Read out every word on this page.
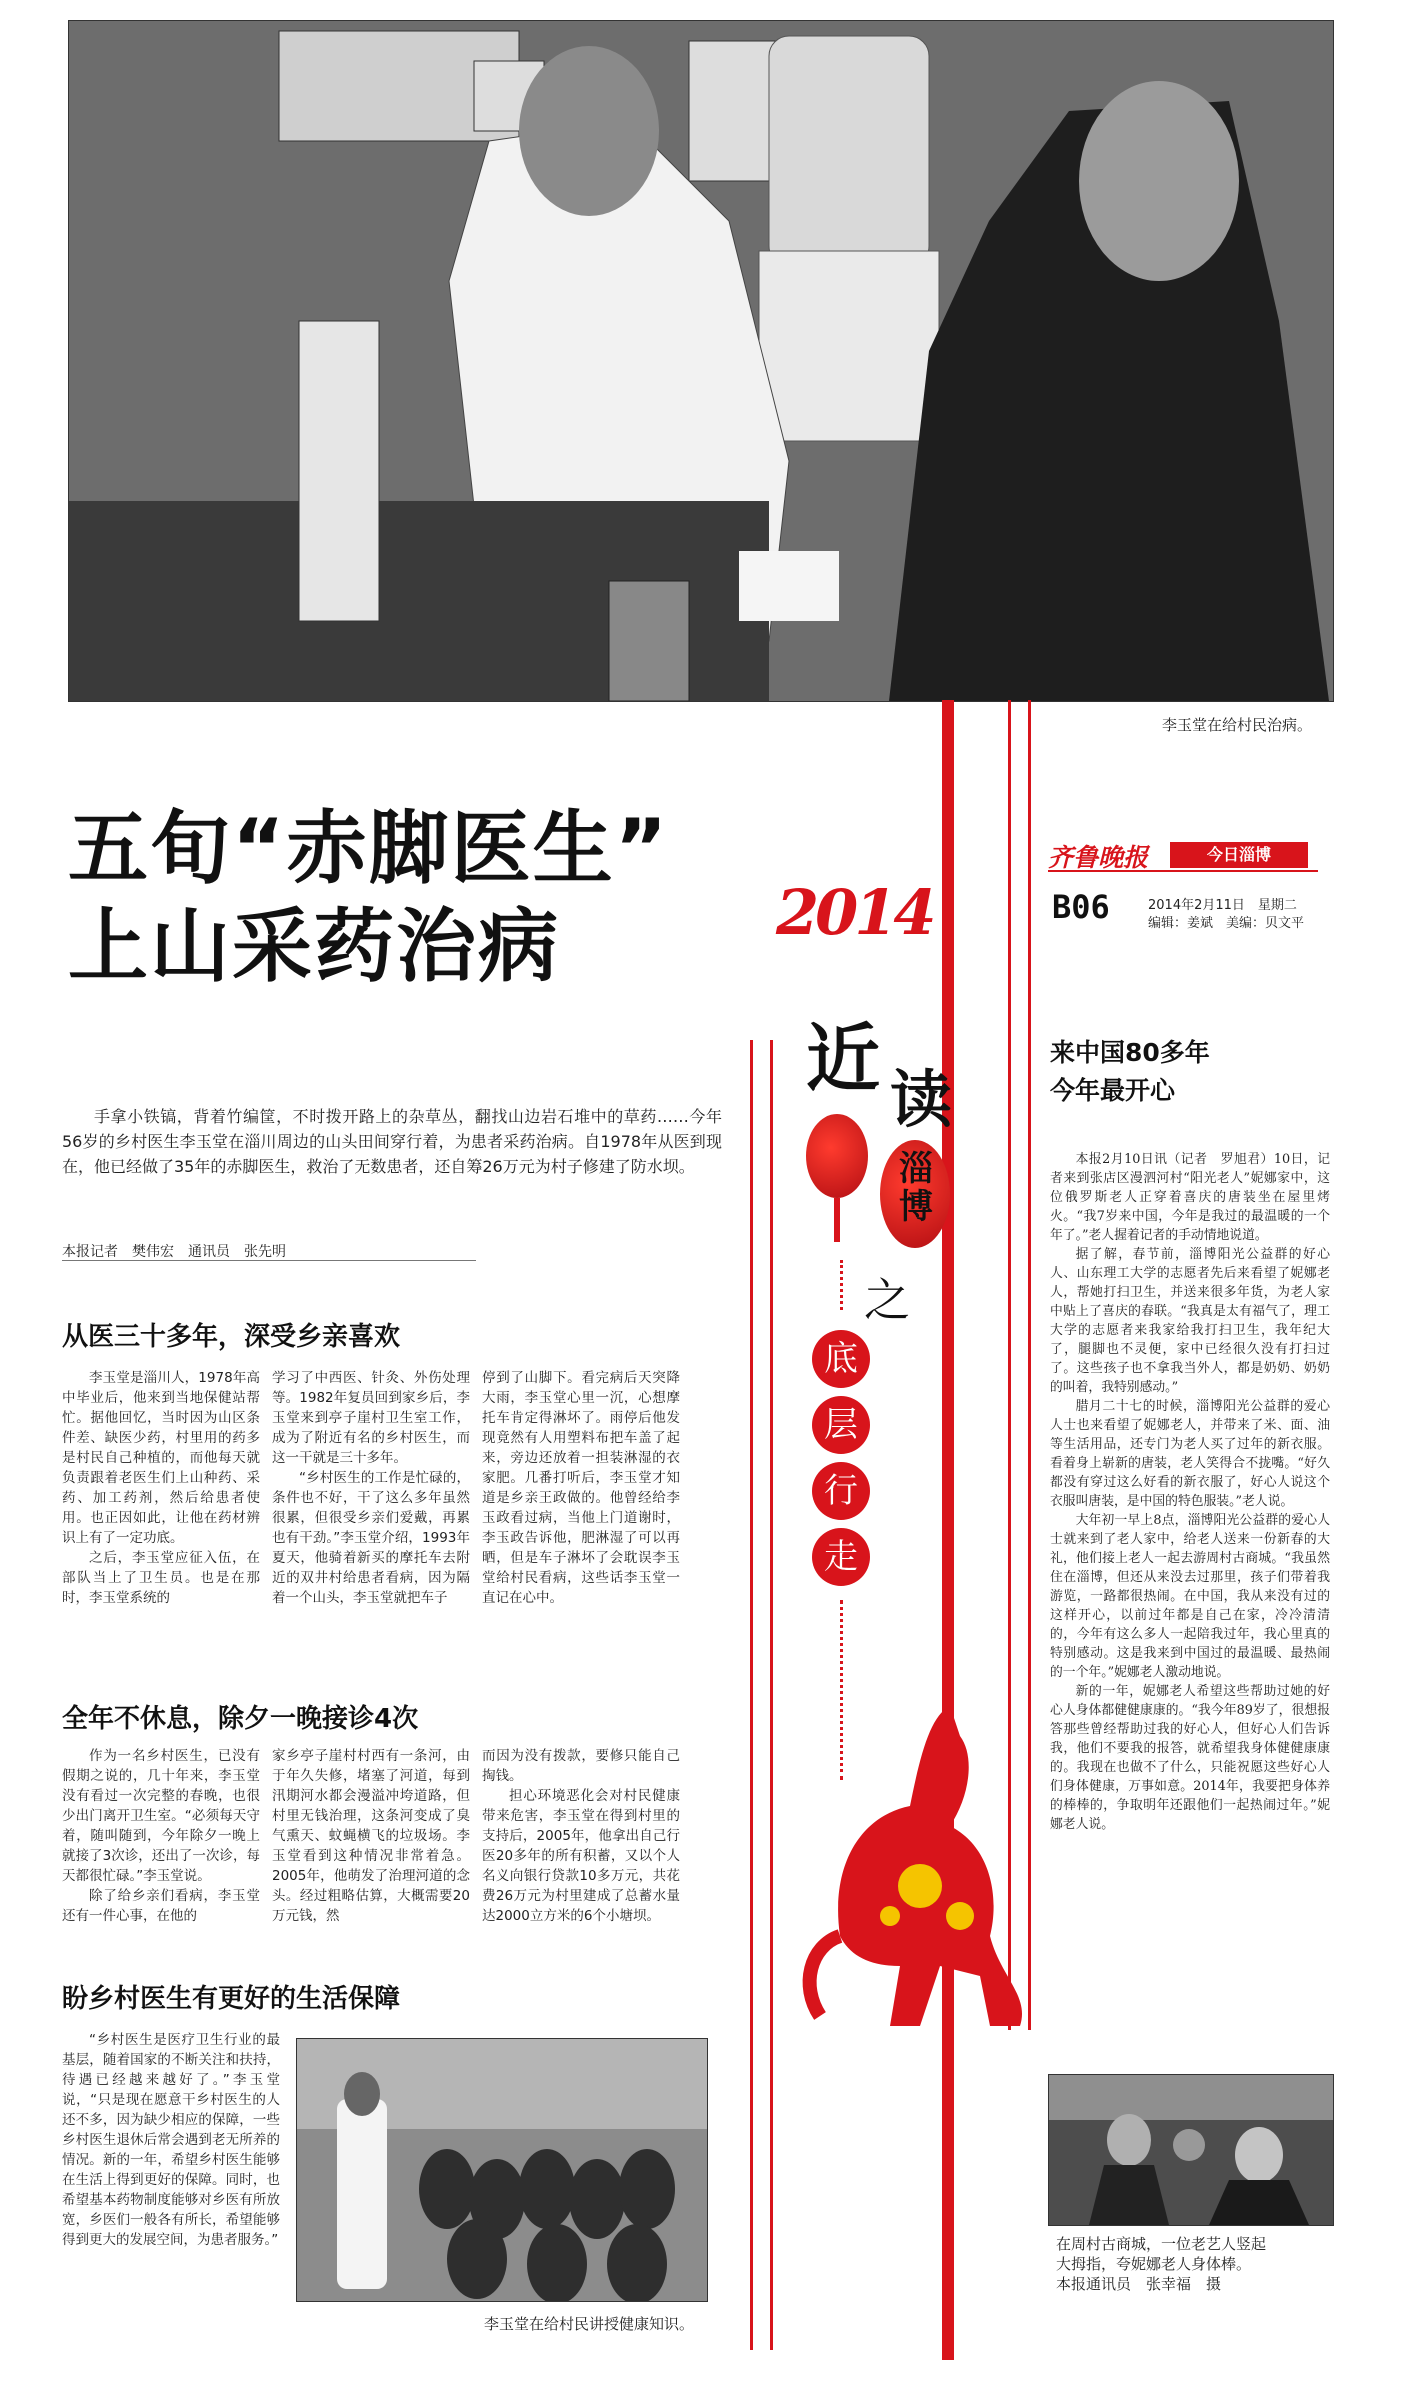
李玉堂在给村民治病。
五旬“赤脚医生”
上山采药治病

手拿小铁镐，背着竹编筐，不时拨开路上的杂草丛，翻找山边岩石堆中的草药……今年56岁的乡村医生李玉堂在淄川周边的山头田间穿行着，为患者采药治病。自1978年从医到现在，他已经做了35年的赤脚医生，救治了无数患者，还自筹26万元为村子修建了防水坝。

本报记者　樊伟宏　通讯员　张先明
从医三十多年，深受乡亲喜欢

李玉堂是淄川人，1978年高中毕业后，他来到当地保健站帮忙。据他回忆，当时因为山区条件差、缺医少药，村里用的药多是村民自己种植的，而他每天就负责跟着老医生们上山种药、采药、加工药剂，然后给患者使用。也正因如此，让他在药材辨识上有了一定功底。

之后，李玉堂应征入伍，在部队当上了卫生员。也是在那时，李玉堂系统的

学习了中西医、针灸、外伤处理等。1982年复员回到家乡后，李玉堂来到亭子崖村卫生室工作，成为了附近有名的乡村医生，而这一干就是三十多年。

“乡村医生的工作是忙碌的，条件也不好，干了这么多年虽然很累，但很受乡亲们爱戴，再累也有干劲。”李玉堂介绍，1993年夏天，他骑着新买的摩托车去附近的双井村给患者看病，因为隔着一个山头，李玉堂就把车子

停到了山脚下。看完病后天突降大雨，李玉堂心里一沉，心想摩托车肯定得淋坏了。雨停后他发现竟然有人用塑料布把车盖了起来，旁边还放着一担装淋湿的衣家肥。几番打听后，李玉堂才知道是乡亲王政做的。他曾经给李玉政看过病，当他上门道谢时，李玉政告诉他，肥淋湿了可以再晒，但是车子淋坏了会耽误李玉堂给村民看病，这些话李玉堂一直记在心中。

全年不休息，除夕一晚接诊4次

作为一名乡村医生，已没有假期之说的，几十年来，李玉堂没有看过一次完整的春晚，也很少出门离开卫生室。“必须每天守着，随叫随到，今年除夕一晚上就接了3次诊，还出了一次诊，每天都很忙碌。”李玉堂说。

除了给乡亲们看病，李玉堂还有一件心事，在他的

家乡亭子崖村村西有一条河，由于年久失修，堵塞了河道，每到汛期河水都会漫溢冲垮道路，但村里无钱治理，这条河变成了臭气熏天、蚊蝇横飞的垃圾场。李玉堂看到这种情况非常着急。2005年，他萌发了治理河道的念头。经过粗略估算，大概需要20万元钱，然

而因为没有拨款，要修只能自己掏钱。

担心环境恶化会对村民健康带来危害，李玉堂在得到村里的支持后，2005年，他拿出自己行医20多年的所有积蓄，又以个人名义向银行贷款10多万元，共花费26万元为村里建成了总蓄水量达2000立方米的6个小塘坝。

盼乡村医生有更好的生活保障

“乡村医生是医疗卫生行业的最基层，随着国家的不断关注和扶持，待遇已经越来越好了。”李玉堂说，“只是现在愿意干乡村医生的人还不多，因为缺少相应的保障，一些乡村医生退休后常会遇到老无所养的情况。新的一年，希望乡村医生能够在生活上得到更好的保障。同时，也希望基本药物制度能够对乡医有所放宽，乡医们一般各有所长，希望能够得到更大的发展空间，为患者服务。”

李玉堂在给村民讲授健康知识。
齐鲁晚报	今日淄博
B06	2014年2月11日　星期二
编辑：姜斌　美编：贝文平
2014
近 读
淄博
之
底
层
行
走
来中国80多年
今年最开心

本报2月10日讯（记者　罗旭君）10日，记者来到张店区漫泗河村“阳光老人”妮娜家中，这位俄罗斯老人正穿着喜庆的唐装坐在屋里烤火。“我7岁来中国，今年是我过的最温暖的一个年了。”老人握着记者的手动情地说道。

据了解，春节前，淄博阳光公益群的好心人、山东理工大学的志愿者先后来看望了妮娜老人，帮她打扫卫生，并送来很多年货，为老人家中贴上了喜庆的春联。“我真是太有福气了，理工大学的志愿者来我家给我打扫卫生，我年纪大了，腿脚也不灵便，家中已经很久没有打扫过了。这些孩子也不拿我当外人，都是奶奶、奶奶的叫着，我特别感动。”

腊月二十七的时候，淄博阳光公益群的爱心人士也来看望了妮娜老人，并带来了米、面、油等生活用品，还专门为老人买了过年的新衣服。看着身上崭新的唐装，老人笑得合不拢嘴。“好久都没有穿过这么好看的新衣服了，好心人说这个衣服叫唐装，是中国的特色服装。”老人说。

大年初一早上8点，淄博阳光公益群的爱心人士就来到了老人家中，给老人送来一份新春的大礼，他们接上老人一起去游周村古商城。“我虽然住在淄博，但还从来没去过那里，孩子们带着我游览，一路都很热闹。在中国，我从来没有过的这样开心，以前过年都是自己在家，冷冷清清的，今年有这么多人一起陪我过年，我心里真的特别感动。这是我来到中国过的最温暖、最热闹的一个年。”妮娜老人激动地说。

新的一年，妮娜老人希望这些帮助过她的好心人身体都健健康康的。“我今年89岁了，很想报答那些曾经帮助过我的好心人，但好心人们告诉我，他们不要我的报答，就希望我身体健健康康的。我现在也做不了什么，只能祝愿这些好心人们身体健康，万事如意。2014年，我要把身体养的棒棒的，争取明年还跟他们一起热闹过年。”妮娜老人说。

在周村古商城，一位老艺人竖起
大拇指，夸妮娜老人身体棒。
本报通讯员　张幸福　摄
